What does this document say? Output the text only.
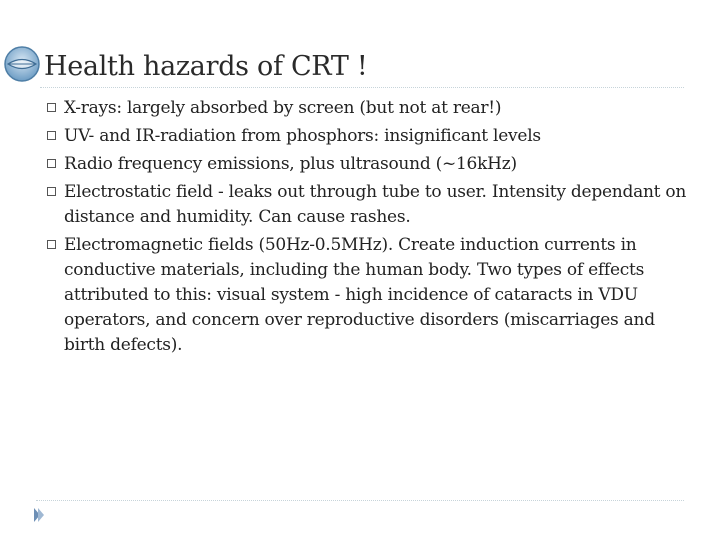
Health hazards of CRT !
X-rays: largely absorbed by screen (but not at rear!)
UV- and IR-radiation from phosphors: insignificant levels
Radio frequency emissions, plus ultrasound (~16kHz)
Electrostatic field - leaks out through tube to user. Intensity dependant on distance and humidity. Can cause rashes.
Electromagnetic fields (50Hz-0.5MHz). Create induction currents in conductive materials, including the human body. Two types of effects attributed to this: visual system - high incidence of cataracts in VDU operators, and concern over reproductive disorders (miscarriages and birth defects).
